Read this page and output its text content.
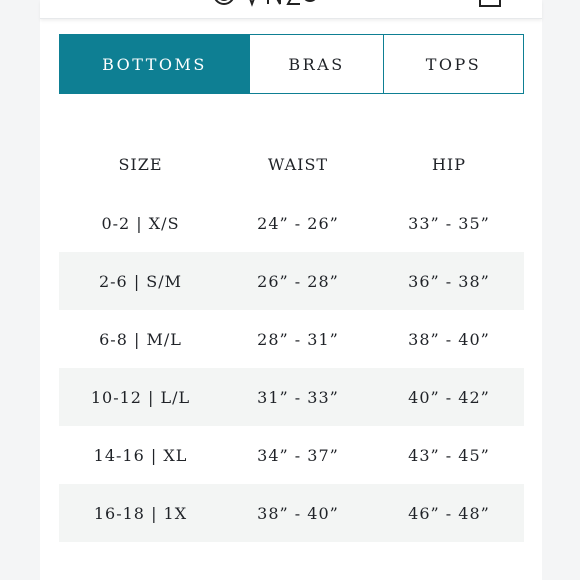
BOTTOMS	BRAS	TOPS
SIZE	WAIST	HIP
0-2 | X/S	24” - 26”	33” - 35”
2-6 | S/M	26” - 28”	36” - 38”
6-8 | M/L	28” - 31”	38” - 40”
10-12 | L/L	31” - 33”	40” - 42”
14-16 | XL	34” - 37”	43” - 45”
16-18 | 1X	38” - 40”	46” - 48”
